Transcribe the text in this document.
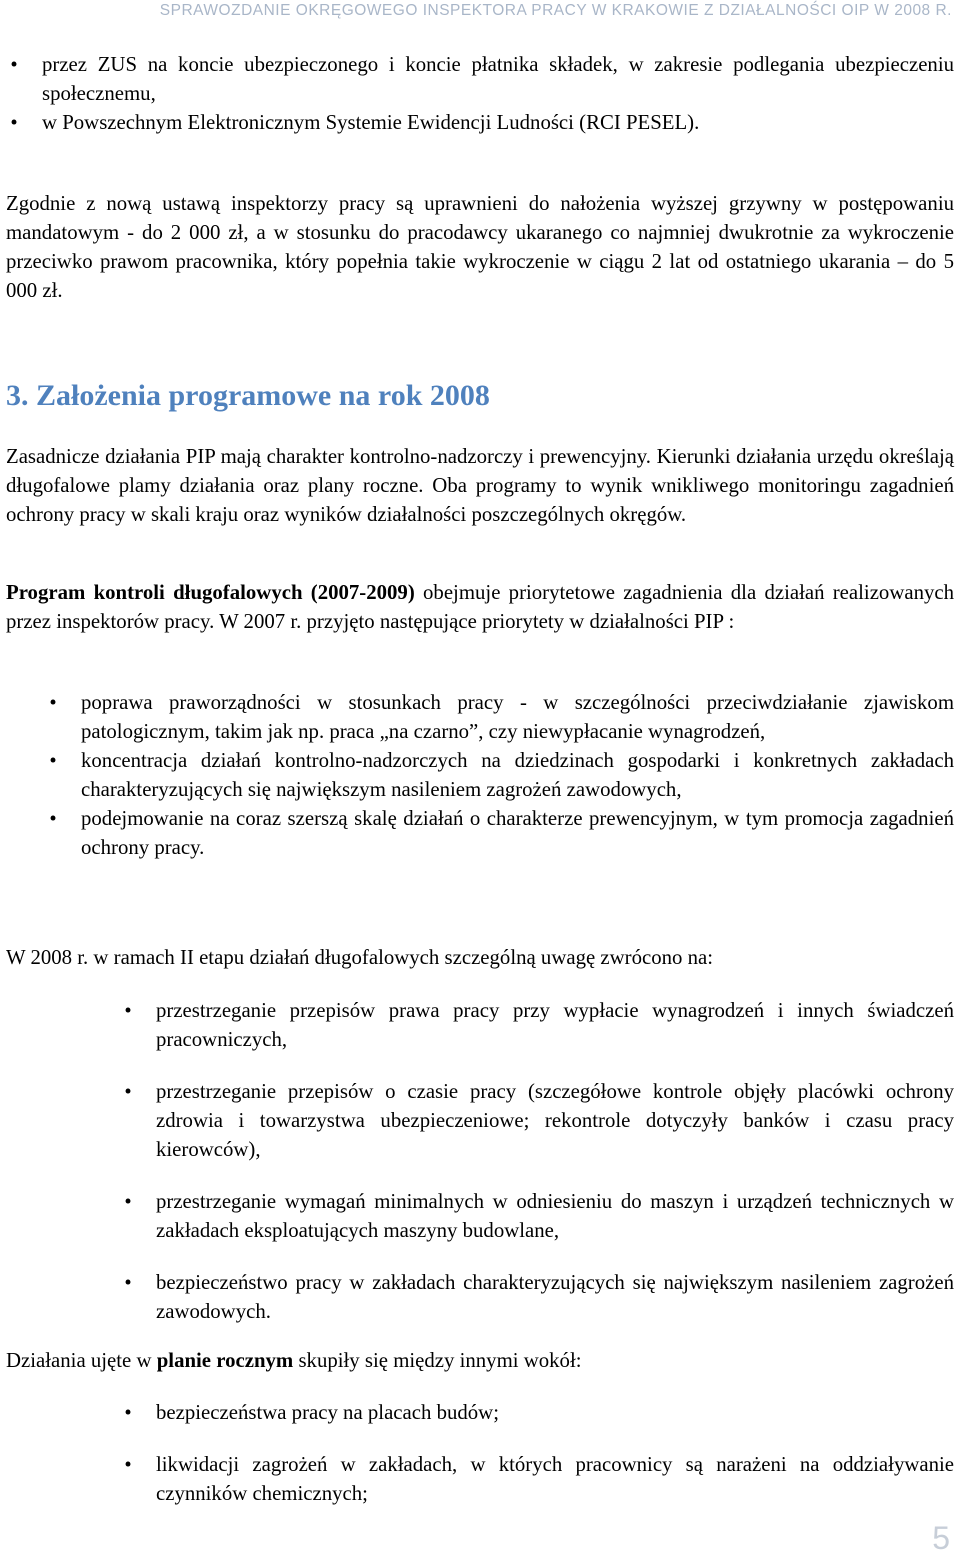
SPRAWOZDANIE OKRĘGOWEGO INSPEKTORA PRACY W KRAKOWIE Z DZIAŁALNOŚCI OIP W 2008 R.
•	przez ZUS na koncie ubezpieczonego i koncie płatnika składek, w zakresie podlegania ubezpieczeniu społecznemu,
•	w Powszechnym Elektronicznym Systemie Ewidencji Ludności (RCI PESEL).

Zgodnie z nową ustawą inspektorzy pracy są uprawnieni do nałożenia wyższej grzywny w postępowaniu mandatowym - do 2 000 zł, a w stosunku do pracodawcy ukaranego co najmniej dwukrotnie za wykroczenie przeciwko prawom pracownika, który popełnia takie wykroczenie w ciągu 2 lat od ostatniego ukarania – do 5 000 zł.

3. Założenia programowe na rok 2008

Zasadnicze działania PIP mają charakter kontrolno-nadzorczy i prewencyjny. Kierunki działania urzędu określają długofalowe plamy działania oraz plany roczne. Oba programy to wynik wnikliwego monitoringu zagadnień ochrony pracy w skali kraju oraz wyników działalności poszczególnych okręgów.

Program kontroli długofalowych (2007-2009) obejmuje priorytetowe zagadnienia dla działań realizowanych przez inspektorów pracy. W 2007 r. przyjęto następujące priorytety w działalności PIP :

•	poprawa praworządności w stosunkach pracy - w szczególności przeciwdziałanie zjawiskom patologicznym, takim jak np. praca „na czarno”, czy niewypłacanie wynagrodzeń,
•	koncentracja działań kontrolno-nadzorczych na dziedzinach gospodarki i konkretnych zakładach charakteryzujących się największym nasileniem zagrożeń zawodowych,
•	podejmowanie na coraz szerszą skalę działań o charakterze prewencyjnym, w tym promocja zagadnień ochrony pracy.

W 2008 r. w ramach II etapu działań długofalowych szczególną uwagę zwrócono na:

•	przestrzeganie przepisów prawa pracy przy wypłacie wynagrodzeń i innych świadczeń pracowniczych,
•	przestrzeganie przepisów o czasie pracy (szczegółowe kontrole objęły placówki ochrony zdrowia i towarzystwa ubezpieczeniowe; rekontrole dotyczyły banków i czasu pracy kierowców),
•	przestrzeganie wymagań minimalnych w odniesieniu do maszyn i urządzeń technicznych w zakładach eksploatujących maszyny budowlane,
•	bezpieczeństwo pracy w zakładach charakteryzujących się największym nasileniem zagrożeń zawodowych.

Działania ujęte w planie rocznym skupiły się między innymi wokół:

•	bezpieczeństwa pracy na placach budów;
•	likwidacji zagrożeń w zakładach, w których pracownicy są narażeni na oddziaływanie czynników chemicznych;
5
